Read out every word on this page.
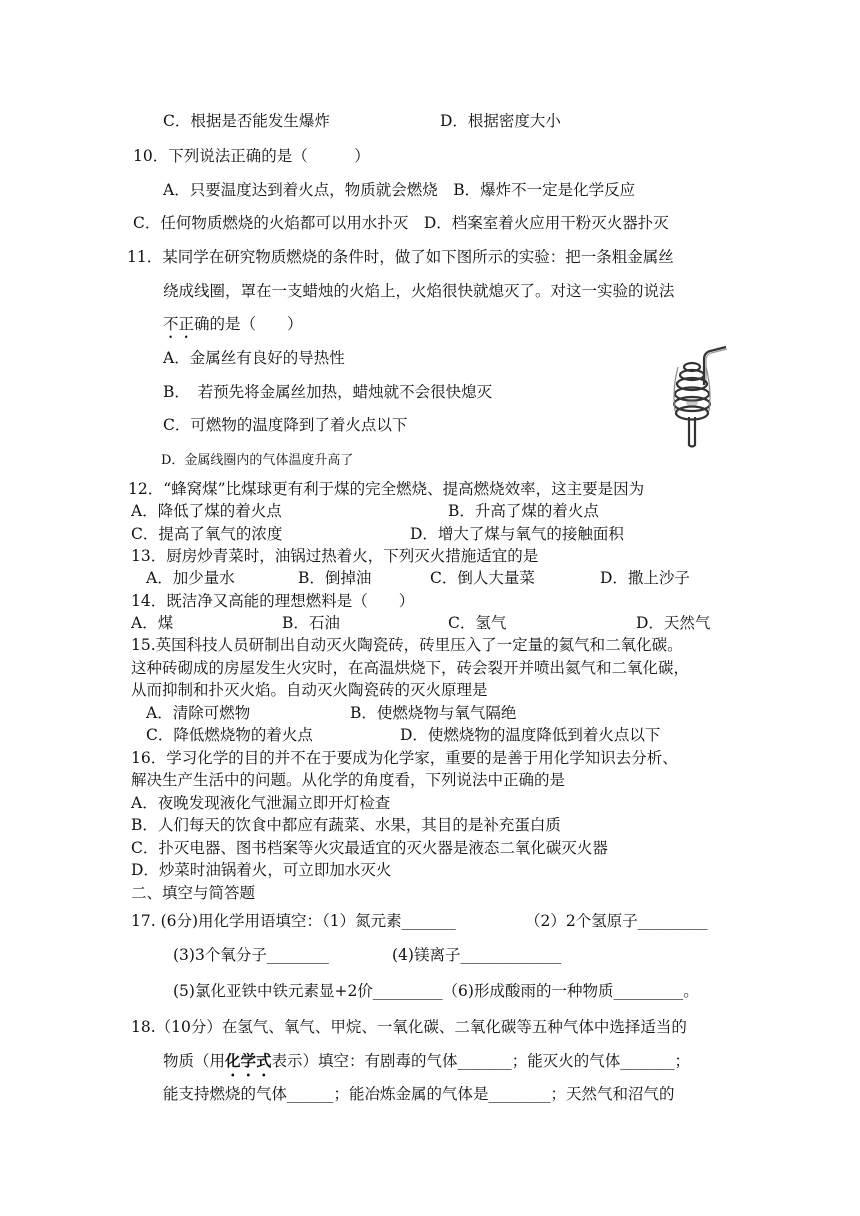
C．根据是否能发生爆炸	D．根据密度大小
10．下列说法正确的是（　　　）
A．只要温度达到着火点，物质就会燃烧　B．爆炸不一定是化学反应
C．任何物质燃烧的火焰都可以用水扑灭　D．档案室着火应用干粉灭火器扑灭
11．某同学在研究物质燃烧的条件时，做了如下图所示的实验：把一条粗金属丝
绕成线圈，罩在一支蜡烛的火焰上，火焰很快就熄灭了。对这一实验的说法
不正确的是（　　）
A．金属丝有良好的导热性
B．　若预先将金属丝加热，蜡烛就不会很快熄灭
C．可燃物的温度降到了着火点以下
D．金属线圈内的气体温度升高了
12．“蜂窝煤”比煤球更有利于煤的完全燃烧、提高燃烧效率，这主要是因为
A．降低了煤的着火点	B．升高了煤的着火点
C．提高了氧气的浓度	D．增大了煤与氧气的接触面积
13．厨房炒青菜时，油锅过热着火，下列灭火措施适宜的是
A．加少量水	B．倒掉油	C．倒人大量菜	D．撒上沙子
14．既洁净又高能的理想燃料是（　　）
A．煤	B．石油	C．氢气	D．天然气
15.英国科技人员研制出自动灭火陶瓷砖，砖里压入了一定量的氦气和二氧化碳。
这种砖砌成的房屋发生火灾时，在高温烘烧下，砖会裂开并喷出氦气和二氧化碳，
从而抑制和扑灭火焰。自动灭火陶瓷砖的灭火原理是
A．清除可燃物	B．使燃烧物与氧气隔绝
C．降低燃烧物的着火点	D．使燃烧物的温度降低到着火点以下
16．学习化学的目的并不在于要成为化学家，重要的是善于用化学知识去分析、
解决生产生活中的问题。从化学的角度看，下列说法中正确的是
A．夜晚发现液化气泄漏立即开灯检查
B．人们每天的饮食中都应有蔬菜、水果，其目的是补充蛋白质
C．扑灭电器、图书档案等火灾最适宜的灭火器是液态二氧化碳灭火器
D．炒菜时油锅着火，可立即加水灭火
二、填空与简答题
17. (6分)用化学用语填空：（1）氮元素_______	（2）2个氢原子_________
(3)3个氧分子________	(4)镁离子_____________
(5)氯化亚铁中铁元素显+2价_________（6)形成酸雨的一种物质_________。
18.（10分）在氢气、氧气、甲烷、一氧化碳、二氧化碳等五种气体中选择适当的
物质（用化学式表示）填空：有剧毒的气体_______；能灭火的气体_______；
能支持燃烧的气体______；能冶炼金属的气体是________；天然气和沼气的
